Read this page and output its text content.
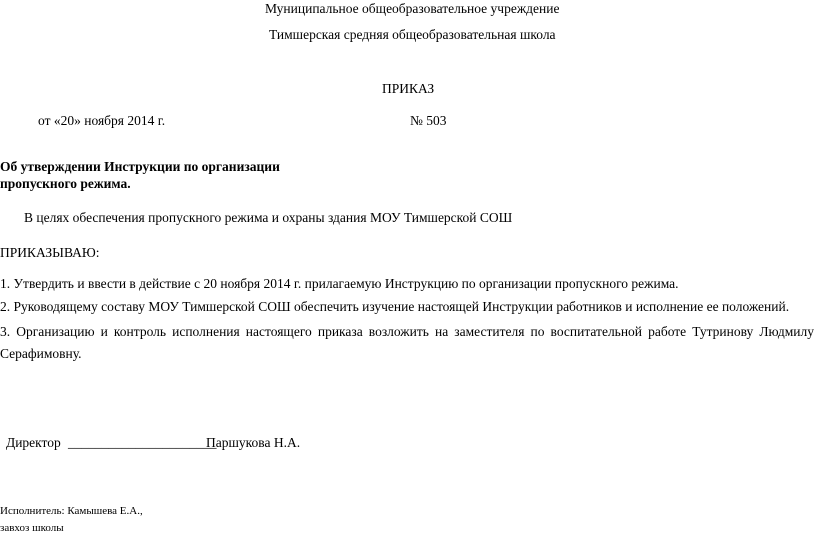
Муниципальное общеобразовательное учреждение
Тимшерская средняя общеобразовательная школа
ПРИКАЗ
от «20» ноября 2014 г.	№ 503
Об утверждении Инструкции по организации
пропускного режима.
В целях обеспечения пропускного режима и охраны здания МОУ Тимшерской СОШ
ПРИКАЗЫВАЮ:
1. Утвердить и ввести в действие с 20 ноября 2014 г. прилагаемую Инструкцию по организации пропускного режима.
2. Руководящему составу МОУ Тимшерской СОШ обеспечить изучение настоящей Инструкции работников и исполнение ее положений.
3. Организацию и контроль исполнения настоящего приказа возложить на заместителя по воспитательной работе Тутринову Людмилу
Серафимовну.
Директор ______________________
Паршукова Н.А.
Исполнитель: Камышева Е.А.,
завхоз школы
